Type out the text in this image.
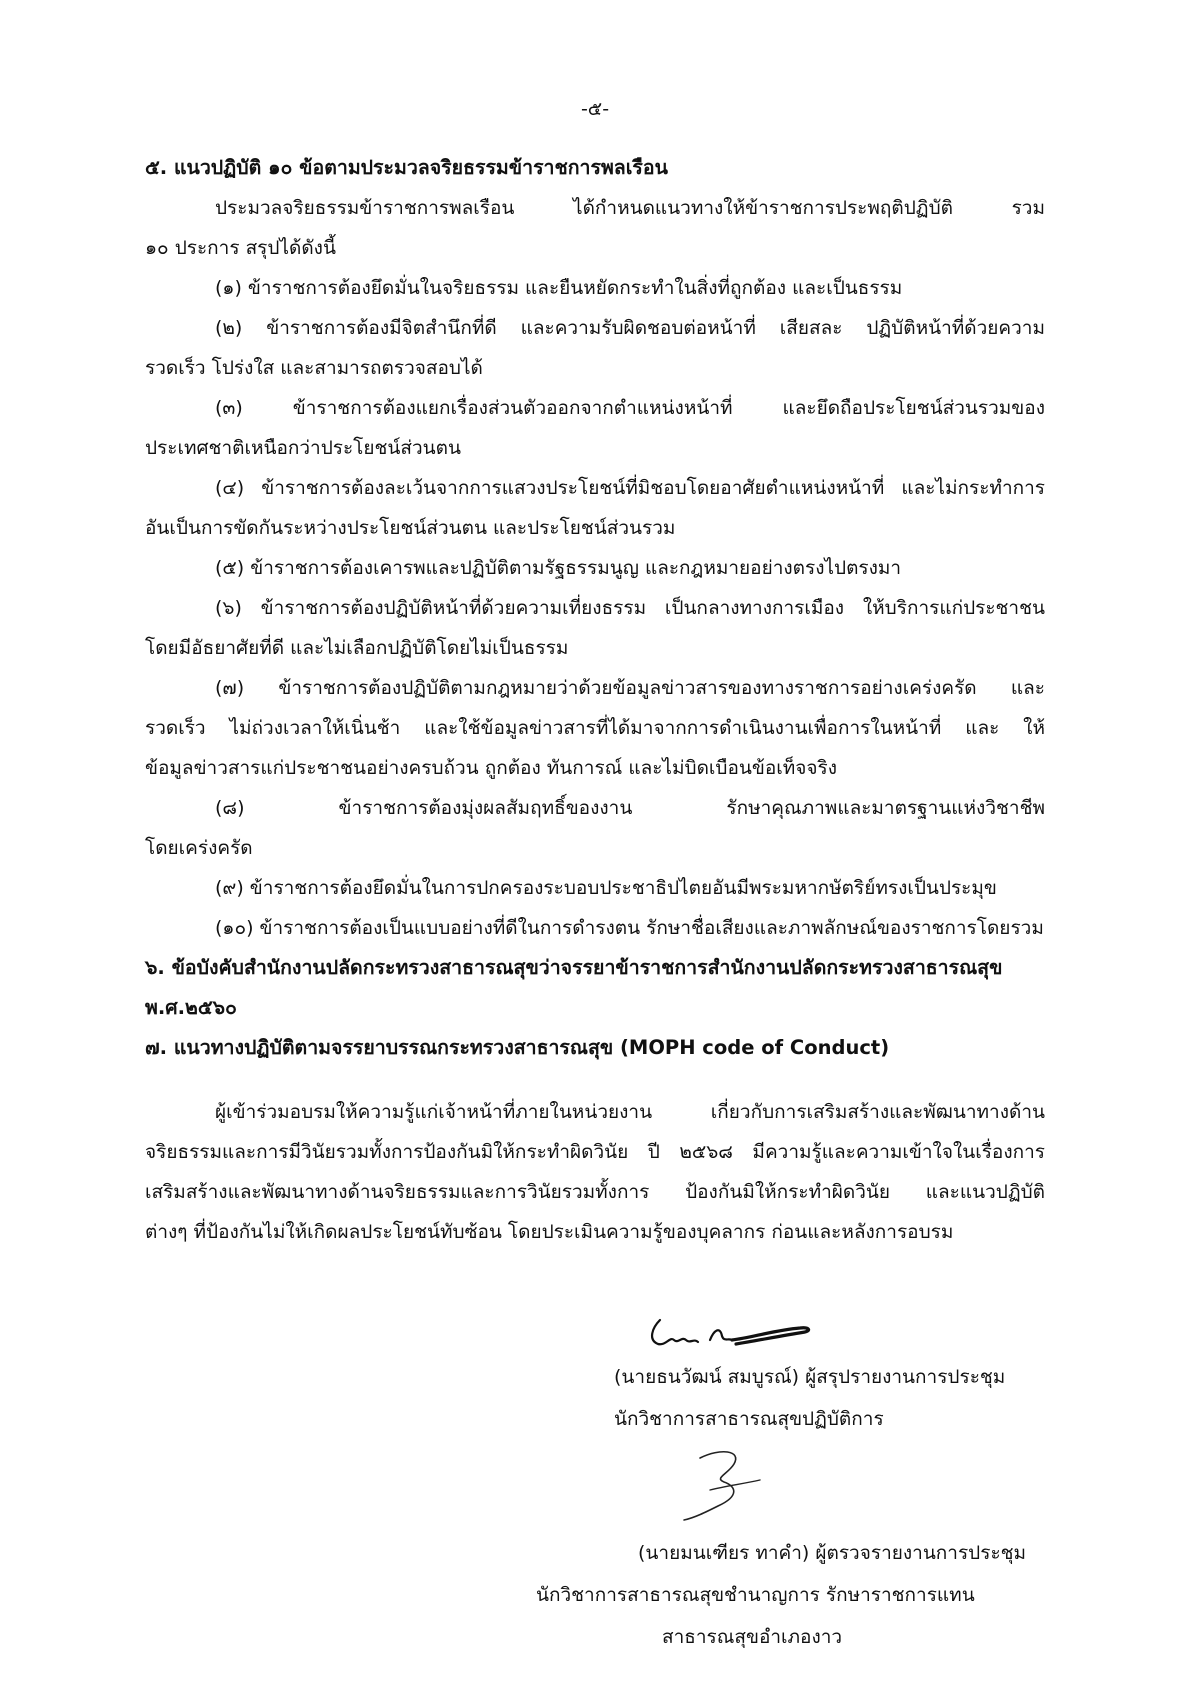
-๕-

๕. แนวปฏิบัติ ๑๐ ข้อตามประมวลจริยธรรมข้าราชการพลเรือน

ประมวลจริยธรรมข้าราชการพลเรือน ได้กำหนดแนวทางให้ข้าราชการประพฤติปฏิบัติ รวม

๑๐ ประการ สรุปได้ดังนี้

(๑) ข้าราชการต้องยึดมั่นในจริยธรรม และยืนหยัดกระทำในสิ่งที่ถูกต้อง และเป็นธรรม

(๒) ข้าราชการต้องมีจิตสำนึกที่ดี และความรับผิดชอบต่อหน้าที่ เสียสละ ปฏิบัติหน้าที่ด้วยความ

รวดเร็ว โปร่งใส และสามารถตรวจสอบได้

(๓) ข้าราชการต้องแยกเรื่องส่วนตัวออกจากตำแหน่งหน้าที่ และยึดถือประโยชน์ส่วนรวมของ

ประเทศชาติเหนือกว่าประโยชน์ส่วนตน

(๔) ข้าราชการต้องละเว้นจากการแสวงประโยชน์ที่มิชอบโดยอาศัยตำแหน่งหน้าที่ และไม่กระทำการ

อันเป็นการขัดกันระหว่างประโยชน์ส่วนตน และประโยชน์ส่วนรวม

(๕) ข้าราชการต้องเคารพและปฏิบัติตามรัฐธรรมนูญ และกฎหมายอย่างตรงไปตรงมา

(๖) ข้าราชการต้องปฏิบัติหน้าที่ด้วยความเที่ยงธรรม เป็นกลางทางการเมือง ให้บริการแก่ประชาชน

โดยมีอัธยาศัยที่ดี และไม่เลือกปฏิบัติโดยไม่เป็นธรรม

(๗) ข้าราชการต้องปฏิบัติตามกฎหมายว่าด้วยข้อมูลข่าวสารของทางราชการอย่างเคร่งครัด และ

รวดเร็ว ไม่ถ่วงเวลาให้เนิ่นช้า และใช้ข้อมูลข่าวสารที่ได้มาจากการดำเนินงานเพื่อการในหน้าที่ และ ให้

ข้อมูลข่าวสารแก่ประชาชนอย่างครบถ้วน ถูกต้อง ทันการณ์ และไม่บิดเบือนข้อเท็จจริง

(๘) ข้าราชการต้องมุ่งผลสัมฤทธิ์ของงาน รักษาคุณภาพและมาตรฐานแห่งวิชาชีพ

โดยเคร่งครัด

(๙) ข้าราชการต้องยึดมั่นในการปกครองระบอบประชาธิปไตยอันมีพระมหากษัตริย์ทรงเป็นประมุข

(๑๐) ข้าราชการต้องเป็นแบบอย่างที่ดีในการดำรงตน รักษาชื่อเสียงและภาพลักษณ์ของราชการโดยรวม

๖. ข้อบังคับสำนักงานปลัดกระทรวงสาธารณสุขว่าจรรยาข้าราชการสำนักงานปลัดกระทรวงสาธารณสุข

พ.ศ.๒๕๖๐

๗. แนวทางปฏิบัติตามจรรยาบรรณกระทรวงสาธารณสุข (MOPH code of Conduct)

ผู้เข้าร่วมอบรมให้ความรู้แก่เจ้าหน้าที่ภายในหน่วยงาน เกี่ยวกับการเสริมสร้างและพัฒนาทางด้าน

จริยธรรมและการมีวินัยรวมทั้งการป้องกันมิให้กระทำผิดวินัย ปี ๒๕๖๘ มีความรู้และความเข้าใจในเรื่องการ

เสริมสร้างและพัฒนาทางด้านจริยธรรมและการวินัยรวมทั้งการ ป้องกันมิให้กระทำผิดวินัย และแนวปฏิบัติ

ต่างๆ ที่ป้องกันไม่ให้เกิดผลประโยชน์ทับซ้อน โดยประเมินความรู้ของบุคลากร ก่อนและหลังการอบรม

(นายธนวัฒน์ สมบูรณ์) ผู้สรุปรายงานการประชุม
นักวิชาการสาธารณสุขปฏิบัติการ
(นายมนเฑียร ทาคำ) ผู้ตรวจรายงานการประชุม
นักวิชาการสาธารณสุขชำนาญการ รักษาราชการแทน
สาธารณสุขอำเภองาว
